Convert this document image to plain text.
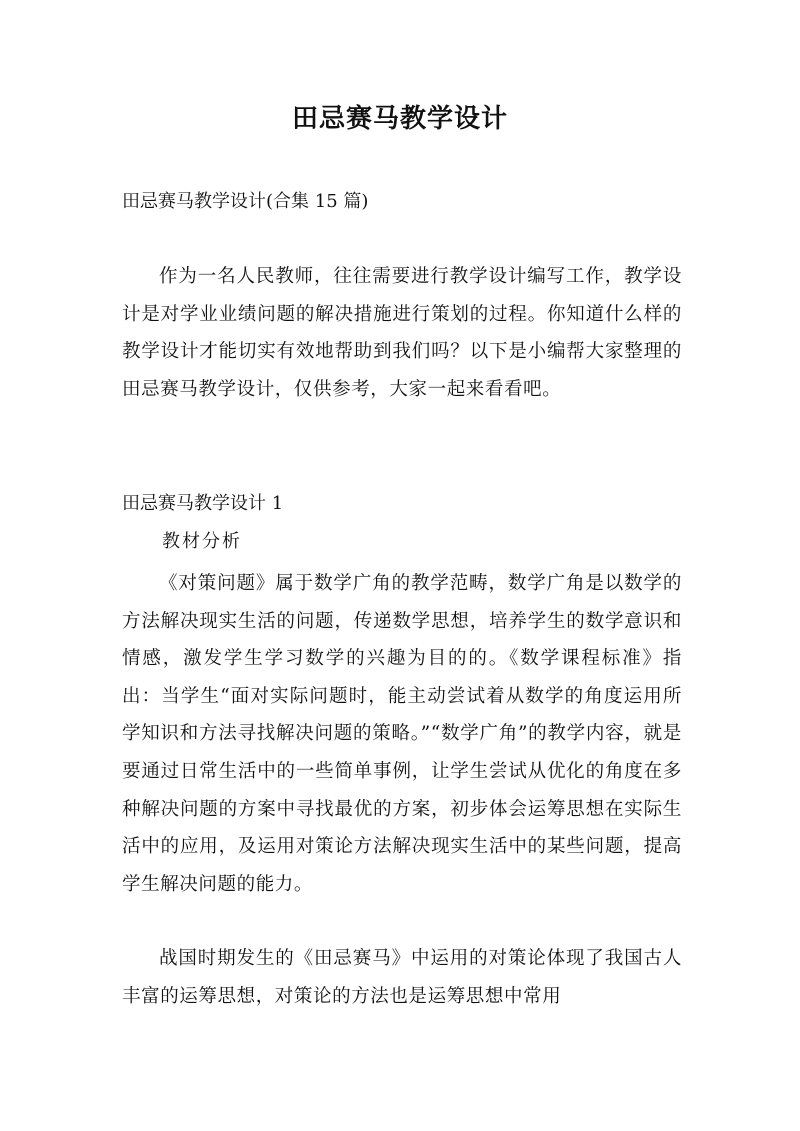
田忌赛马教学设计
田忌赛马教学设计(合集 15 篇)

作为一名人民教师，往往需要进行教学设计编写工作，教学设计是对学业业绩问题的解决措施进行策划的过程。你知道什么样的教学设计才能切实有效地帮助到我们吗？以下是小编帮大家整理的田忌赛马教学设计，仅供参考，大家一起来看看吧。

田忌赛马教学设计 1
教材分析

《对策问题》属于数学广角的教学范畴，数学广角是以数学的方法解决现实生活的问题，传递数学思想，培养学生的数学意识和情感，激发学生学习数学的兴趣为目的的。《数学课程标准》指出：当学生“面对实际问题时，能主动尝试着从数学的角度运用所学知识和方法寻找解决问题的策略。”“数学广角”的教学内容，就是要通过日常生活中的一些简单事例，让学生尝试从优化的角度在多种解决问题的方案中寻找最优的方案，初步体会运筹思想在实际生活中的应用，及运用对策论方法解决现实生活中的某些问题，提高学生解决问题的能力。

战国时期发生的《田忌赛马》中运用的对策论体现了我国古人丰富的运筹思想，对策论的方法也是运筹思想中常用
